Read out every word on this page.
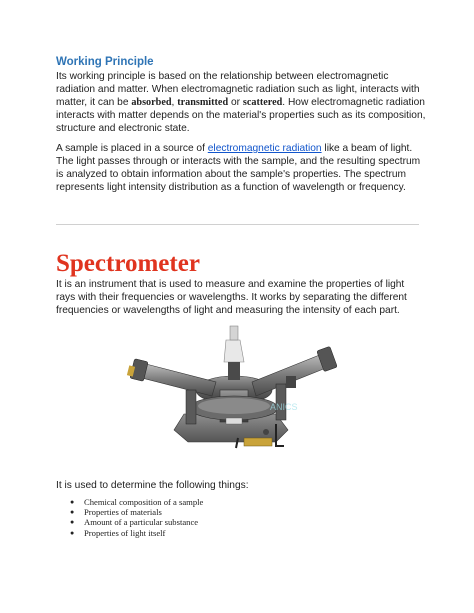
Working Principle
Its working principle is based on the relationship between electromagnetic radiation and matter. When electromagnetic radiation such as light, interacts with matter, it can be absorbed, transmitted or scattered. How electromagnetic radiation interacts with matter depends on the material's properties such as its composition, structure and electronic state.
A sample is placed in a source of electromagnetic radiation like a beam of light. The light passes through or interacts with the sample, and the resulting spectrum is analyzed to obtain information about the sample's properties. The spectrum represents light intensity distribution as a function of wavelength or frequency.
Spectrometer
It is an instrument that is used to measure and examine the properties of light rays with their frequencies or wavelengths. It works by separating the different frequencies or wavelengths of light and measuring the intensity of each part.
ANICS
It is used to determine the following things:
● Chemical composition of a sample
● Properties of materials
● Amount of a particular substance
● Properties of light itself
